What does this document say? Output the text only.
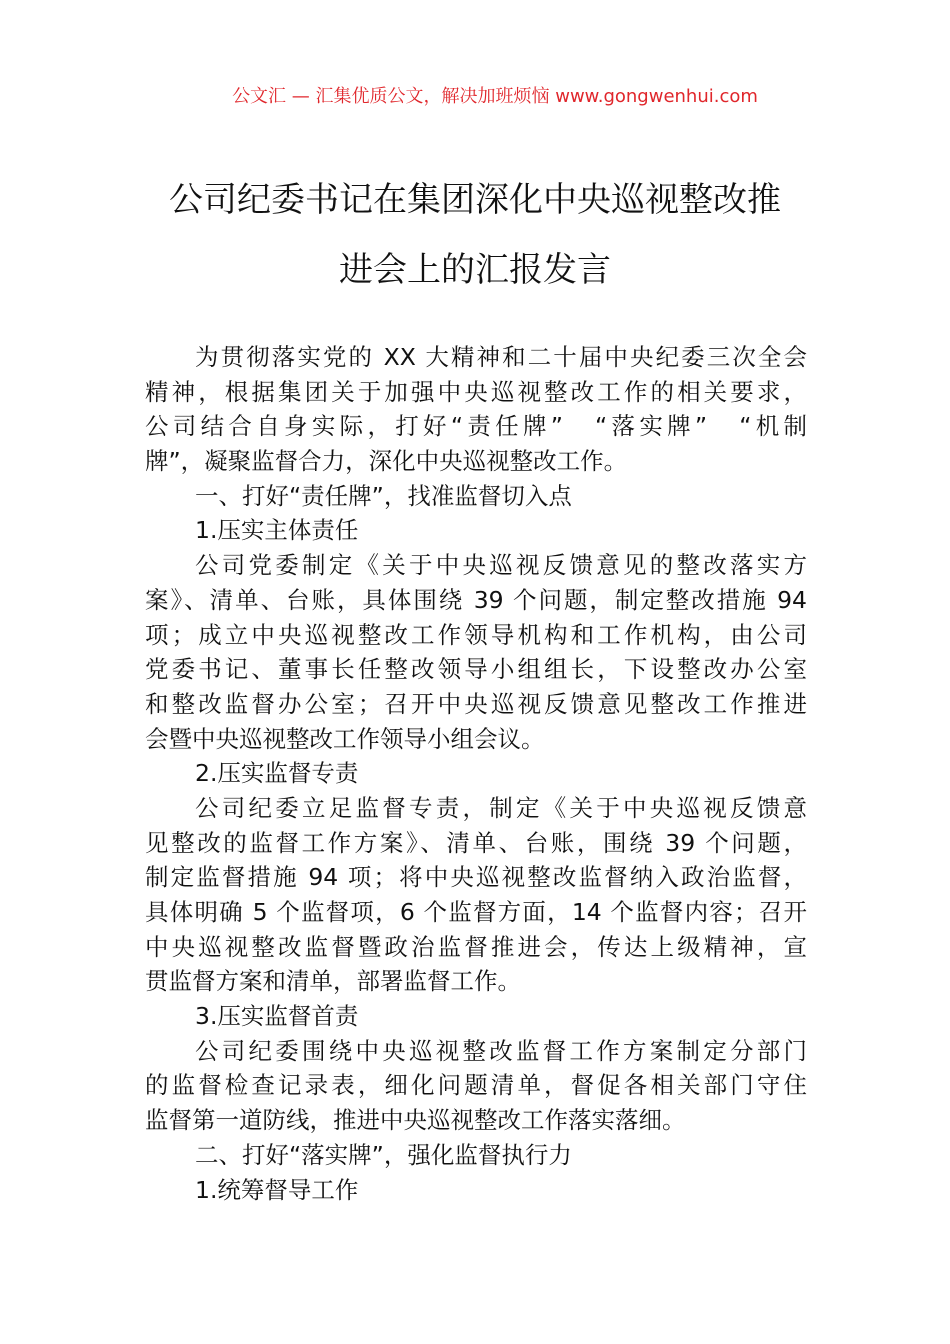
公文汇 — 汇集优质公文，解决加班烦恼 www.gongwenhui.com
公司纪委书记在集团深化中央巡视整改推
进会上的汇报发言
为贯彻落实党的 XX 大精神和二十届中央纪委三次全会
精神，根据集团关于加强中央巡视整改工作的相关要求，
公司结合自身实际，打好“责任牌”　“落实牌”　“机制
牌”，凝聚监督合力，深化中央巡视整改工作。
一、打好“责任牌”，找准监督切入点
1.压实主体责任
公司党委制定《关于中央巡视反馈意见的整改落实方
案》、清单、台账，具体围绕 39 个问题，制定整改措施 94
项；成立中央巡视整改工作领导机构和工作机构，由公司
党委书记、董事长任整改领导小组组长，下设整改办公室
和整改监督办公室；召开中央巡视反馈意见整改工作推进
会暨中央巡视整改工作领导小组会议。
2.压实监督专责
公司纪委立足监督专责，制定《关于中央巡视反馈意
见整改的监督工作方案》、清单、台账，围绕 39 个问题，
制定监督措施 94 项；将中央巡视整改监督纳入政治监督，
具体明确 5 个监督项，6 个监督方面，14 个监督内容；召开
中央巡视整改监督暨政治监督推进会，传达上级精神，宣
贯监督方案和清单，部署监督工作。
3.压实监督首责
公司纪委围绕中央巡视整改监督工作方案制定分部门
的监督检查记录表，细化问题清单，督促各相关部门守住
监督第一道防线，推进中央巡视整改工作落实落细。
二、打好“落实牌”，强化监督执行力
1.统筹督导工作
